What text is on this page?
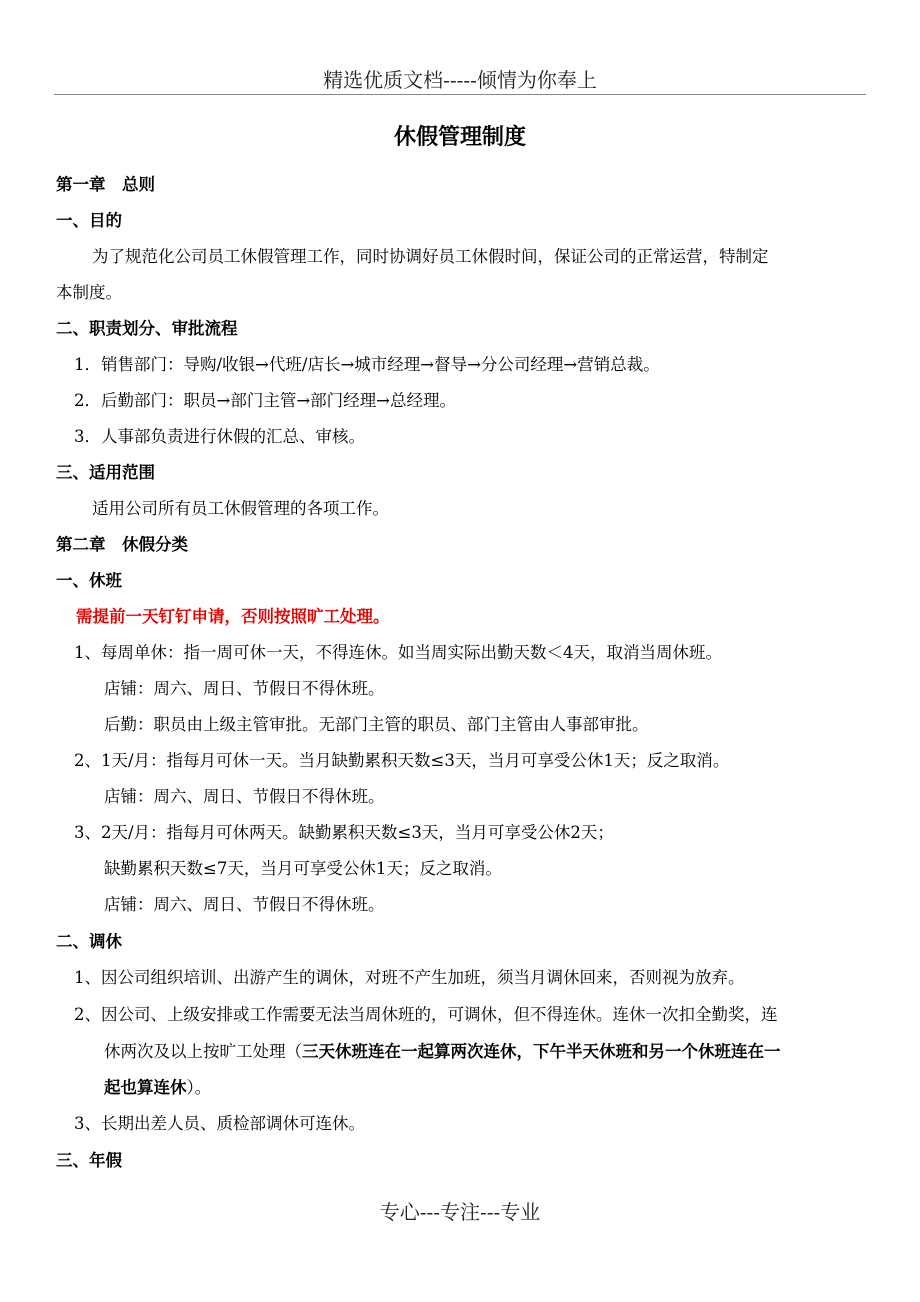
精选优质文档-----倾情为你奉上
休假管理制度
第一章　总则
一、目的
为了规范化公司员工休假管理工作，同时协调好员工休假时间，保证公司的正常运营，特制定
本制度。
二、职责划分、审批流程
1．销售部门：导购/收银→代班/店长→城市经理→督导→分公司经理→营销总裁。
2．后勤部门：职员→部门主管→部门经理→总经理。
3．人事部负责进行休假的汇总、审核。
三、适用范围
适用公司所有员工休假管理的各项工作。
第二章　休假分类
一、休班
需提前一天钉钉申请，否则按照旷工处理。
1、每周单休：指一周可休一天，不得连休。如当周实际出勤天数＜4天，取消当周休班。
店铺：周六、周日、节假日不得休班。
后勤：职员由上级主管审批。无部门主管的职员、部门主管由人事部审批。
2、1天/月：指每月可休一天。当月缺勤累积天数≤3天，当月可享受公休1天；反之取消。
店铺：周六、周日、节假日不得休班。
3、2天/月：指每月可休两天。缺勤累积天数≤3天，当月可享受公休2天；
缺勤累积天数≤7天，当月可享受公休1天；反之取消。
店铺：周六、周日、节假日不得休班。
二、调休
1、因公司组织培训、出游产生的调休，对班不产生加班，须当月调休回来，否则视为放弃。
2、因公司、上级安排或工作需要无法当周休班的，可调休，但不得连休。连休一次扣全勤奖，连
休两次及以上按旷工处理（三天休班连在一起算两次连休，下午半天休班和另一个休班连在一
起也算连休）。
3、长期出差人员、质检部调休可连休。
三、年假
专心---专注---专业
